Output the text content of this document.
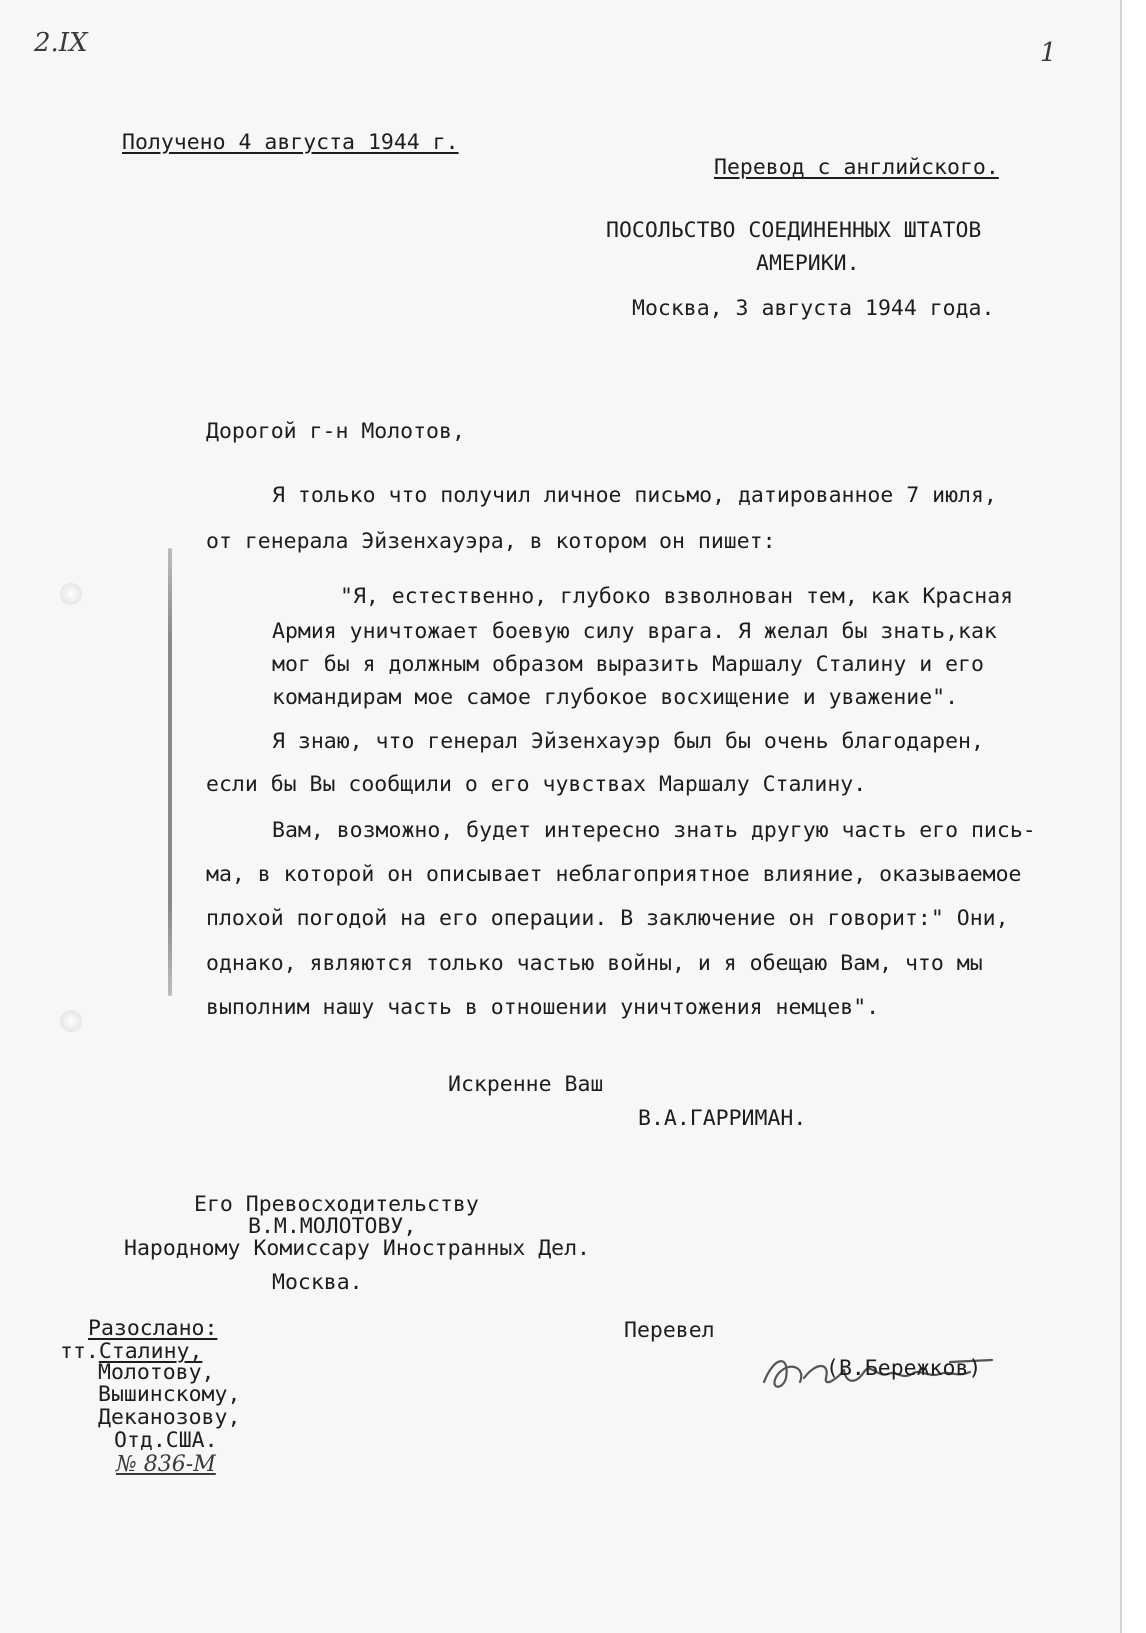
2.IX	1
Получено 4 августа 1944 г.
Перевод с английского.
ПОСОЛЬСТВО СОЕДИНЕННЫХ ШТАТОВ
АМЕРИКИ.
Москва, 3 августа 1944 года.
Дорогой г-н Молотов,
Я только что получил личное письмо, датированное 7 июля,
от генерала Эйзенхауэра, в котором он пишет:
"Я, естественно, глубоко взволнован тем, как Красная
Армия уничтожает боевую силу врага. Я желал бы знать,как
мог бы я должным образом выразить Маршалу Сталину и его
командирам мое самое глубокое восхищение и уважение".
Я знаю, что генерал Эйзенхауэр был бы очень благодарен,
если бы Вы сообщили о его чувствах Маршалу Сталину.
Вам, возможно, будет интересно знать другую часть его пись-
ма, в которой он описывает неблагоприятное влияние, оказываемое
плохой погодой на его операции. В заключение он говорит:" Они,
однако, являются только частью войны, и я обещаю Вам, что мы
выполним нашу часть в отношении уничтожения немцев".
Искренне Ваш
В.А.ГАРРИМАН.
Его Превосходительству
В.М.МОЛОТОВУ,
Народному Комиссару Иностранных Дел.
Москва.
Разослано:
тт.Сталину,
Молотову,
Вышинскому,
Деканозову,
Отд.США.
№ 836-М
Перевел
(В.Бережков)
